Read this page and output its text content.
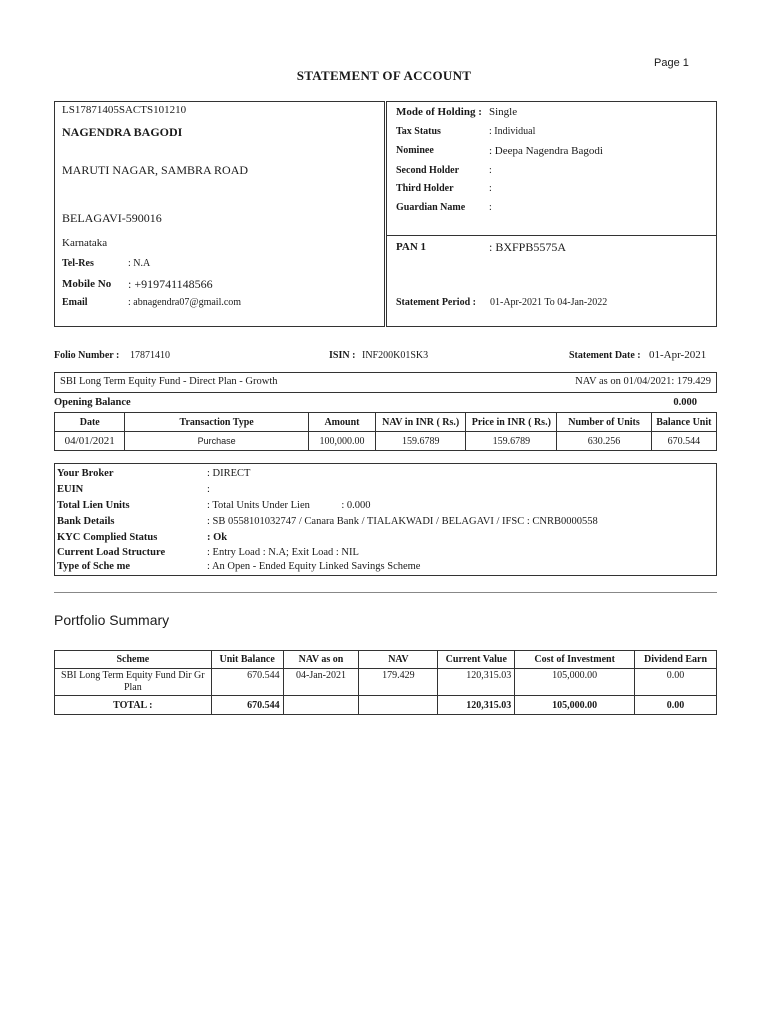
Page 1
STATEMENT OF ACCOUNT
LS17871405SACTS101210
NAGENDRA BAGODI
MARUTI NAGAR, SAMBRA ROAD
BELAGAVI-590016
Karnataka
Tel-Res	: N.A
Mobile No : +919741148566
Email	: abnagendra07@gmail.com
Mode of Holding : Single
Tax Status	: Individual
Nominee	: Deepa Nagendra Bagodi
Second Holder	:
Third Holder	:
Guardian Name :
PAN 1	: BXFPB5575A
Statement Period : 01-Apr-2021 To 04-Jan-2022
Folio Number : 17871410	ISIN : INF200K01SK3	Statement Date : 01-Apr-2021
SBI Long Term Equity Fund - Direct Plan - Growth	NAV as on 01/04/2021: 179.429
Opening Balance	0.000
Date	Transaction Type	Amount	NAV in INR ( Rs.)	Price in INR ( Rs.)	Number of Units	Balance Unit
04/01/2021	Purchase	100,000.00	159.6789	159.6789	630.256	670.544
Your Broker	: DIRECT
EUIN	:
Total Lien Units	: Total Units Under Lien            : 0.000
Bank Details	: SB 0558101032747 / Canara Bank / TIALAKWADI / BELAGAVI / IFSC : CNRB0000558
KYC Complied Status	: Ok
Current Load Structure	: Entry Load : N.A; Exit Load : NIL
Type of Sche me	: An Open - Ended Equity Linked Savings Scheme
Portfolio Summary
Scheme	Unit Balance	NAV as on	NAV	Current Value	Cost of Investment	Dividend Earn
SBI Long Term Equity Fund Dir Gr Plan	670.544	04-Jan-2021	179.429	120,315.03	105,000.00	0.00
TOTAL :	670.544			120,315.03	105,000.00	0.00
